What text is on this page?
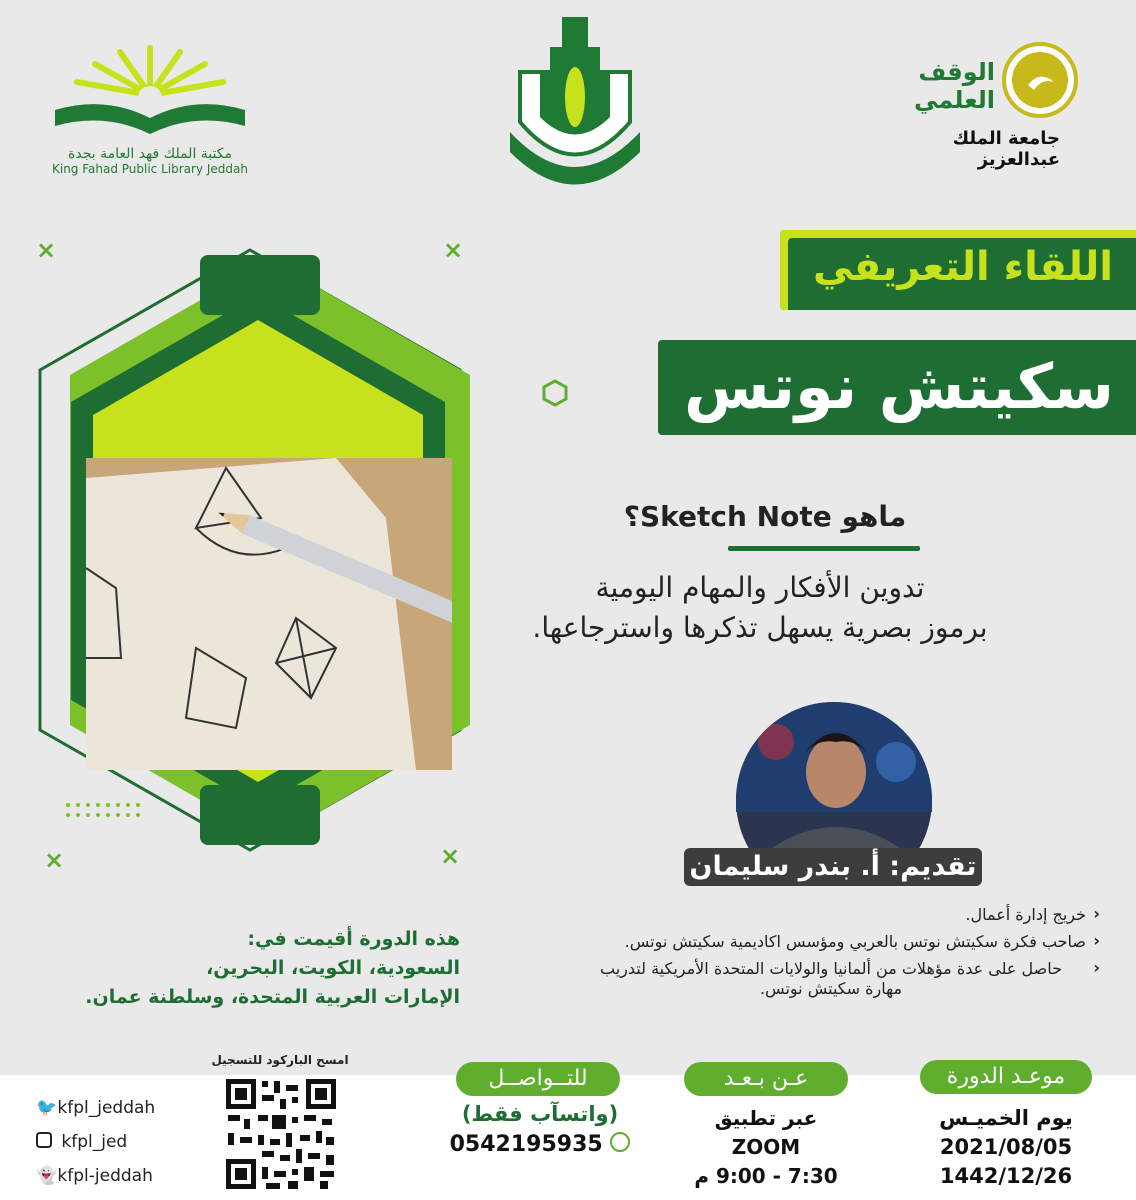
مكتبة الملك فهد العامة بجدة
King Fahad Public Library Jeddah
الوقف العلمي
جامعة الملك عبدالعزيز
×	×
×	×
اللقاء التعريفي
سكيتش نوتس
ماهو Sketch Note؟
تدوين الأفكار والمهام اليومية
برموز بصرية يسهل تذكرها واسترجاعها.
تقديم: أ. بندر سليمان
‹ خريج إدارة أعمال.
‹ صاحب فكرة سكيتش نوتس بالعربي ومؤسس اكاديمية سكيتش نوتس.
‹ حاصل على عدة مؤهلات من ألمانيا والولايات المتحدة الأمريكية لتدريب مهارة سكيتش نوتس.
هذه الدورة أقيمت في:
السعودية، الكويت، البحرين،
الإمارات العربية المتحدة، وسلطنة عمان.
امسح الباركود للتسجيل
🐦 kfpl_jeddah
kfpl_jed
👻 kfpl-jeddah
للتــواصــل
(واتسآب فقط)
0542195935
عـن بـعـد
عبر تطبيق
ZOOM
7:30 - 9:00 م
موعـد الدورة
يوم الخميـس
2021/08/05
1442/12/26
